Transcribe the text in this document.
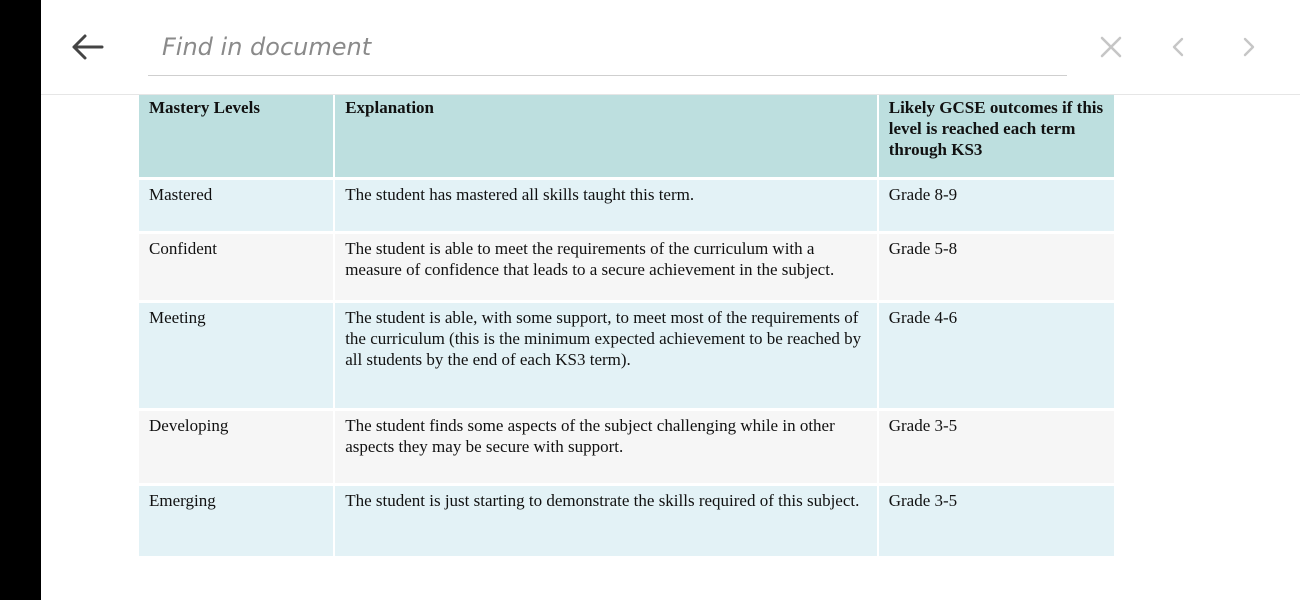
Find in document
Mastery Levels	Explanation	Likely GCSE outcomes if this level is reached each term through KS3
Mastered	The student has mastered all skills taught this term.	Grade 8-9
Confident	The student is able to meet the requirements of the curriculum with a measure of confidence that leads to a secure achievement in the subject.	Grade 5-8
Meeting	The student is able, with some support, to meet most of the requirements of the curriculum (this is the minimum expected achievement to be reached by all students by the end of each KS3 term).	Grade 4-6
Developing	The student finds some aspects of the subject challenging while in other aspects they may be secure with support.	Grade 3-5
Emerging	The student is just starting to demonstrate the skills required of this subject.	Grade 3-5
